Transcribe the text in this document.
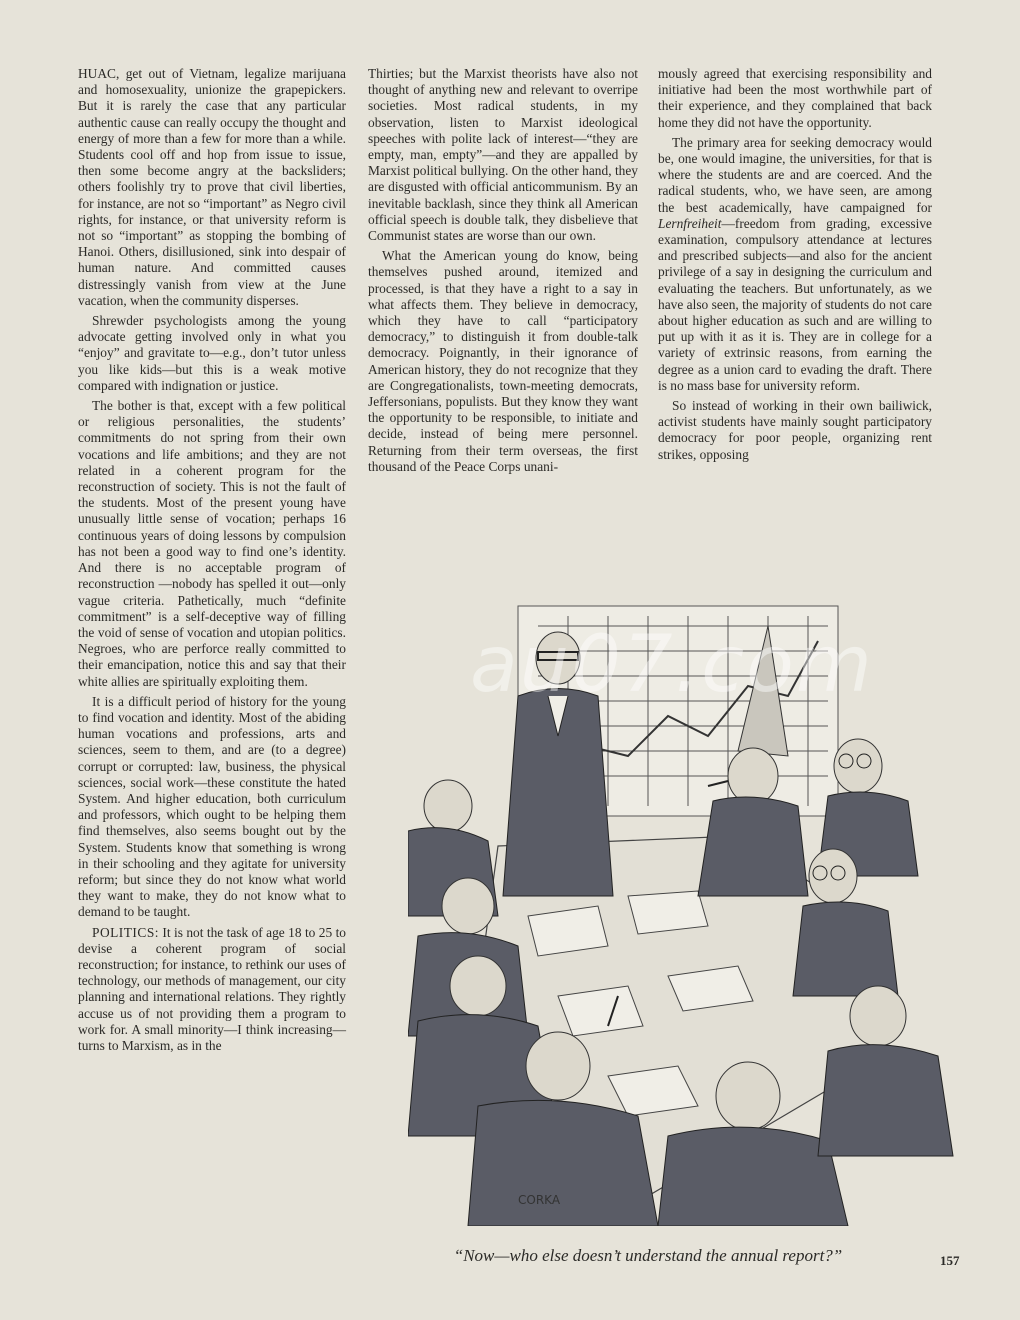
HUAC, get out of Vietnam, legalize marijuana and homosexuality, unionize the grapepickers. But it is rarely the case that any particular authentic cause can really occupy the thought and energy of more than a few for more than a while. Students cool off and hop from issue to issue, then some become angry at the backsliders; others foolishly try to prove that civil liberties, for instance, are not so “important” as Negro civil rights, for instance, or that university reform is not so “important” as stopping the bombing of Hanoi. Others, disillusioned, sink into despair of human nature. And committed causes distressingly vanish from view at the June vacation, when the community disperses.

Shrewder psychologists among the young advocate getting involved only in what you “enjoy” and gravitate to—e.g., don’t tutor unless you like kids—but this is a weak motive compared with indignation or justice.

The bother is that, except with a few political or religious personalities, the students’ commitments do not spring from their own vocations and life ambitions; and they are not related in a coherent program for the reconstruction of society. This is not the fault of the students. Most of the present young have unusually little sense of vocation; perhaps 16 continuous years of doing lessons by compulsion has not been a good way to find one’s identity. And there is no acceptable program of reconstruction —nobody has spelled it out—only vague criteria. Pathetically, much “definite commitment” is a self-deceptive way of filling the void of sense of vocation and utopian politics. Negroes, who are perforce really committed to their emancipation, notice this and say that their white allies are spiritually exploiting them.

It is a difficult period of history for the young to find vocation and identity. Most of the abiding human vocations and professions, arts and sciences, seem to them, and are (to a degree) corrupt or corrupted: law, business, the physical sciences, social work—these constitute the hated System. And higher education, both curriculum and professors, which ought to be helping them find themselves, also seems bought out by the System. Students know that something is wrong in their schooling and they agitate for university reform; but since they do not know what world they want to make, they do not know what to demand to be taught.

POLITICS: It is not the task of age 18 to 25 to devise a coherent program of social reconstruction; for instance, to rethink our uses of technology, our methods of management, our city planning and international relations. They rightly accuse us of not providing them a program to work for. A small minority—I think increasing—turns to Marxism, as in the

Thirties; but the Marxist theorists have also not thought of anything new and relevant to overripe societies. Most radical students, in my observation, listen to Marxist ideological speeches with polite lack of interest—“they are empty, man, empty”—and they are appalled by Marxist political bullying. On the other hand, they are disgusted with official anticommunism. By an inevitable backlash, since they think all American official speech is double talk, they disbelieve that Communist states are worse than our own.

What the American young do know, being themselves pushed around, itemized and processed, is that they have a right to a say in what affects them. They believe in democracy, which they have to call “participatory democracy,” to distinguish it from double-talk democracy. Poignantly, in their ignorance of American history, they do not recognize that they are Congregationalists, town-meeting democrats, Jeffersonians, populists. But they know they want the opportunity to be responsible, to initiate and decide, instead of being mere personnel. Returning from their term overseas, the first thousand of the Peace Corps unani-

mously agreed that exercising responsibility and initiative had been the most worthwhile part of their experience, and they complained that back home they did not have the opportunity.

The primary area for seeking democracy would be, one would imagine, the universities, for that is where the students are and are coerced. And the radical students, who, we have seen, are among the best academically, have campaigned for Lernfreiheit—freedom from grading, excessive examination, compulsory attendance at lectures and prescribed subjects—and also for the ancient privilege of a say in designing the curriculum and evaluating the teachers. But unfortunately, as we have also seen, the majority of students do not care about higher education as such and are willing to put up with it as it is. They are in college for a variety of extrinsic reasons, from earning the degree as a union card to evading the draft. There is no mass base for university reform.

So instead of working in their own bailiwick, activist students have mainly sought participatory democracy for poor people, organizing rent strikes, opposing

CORKA
au07.com
“Now—who else doesn’t understand the annual report?”	157
